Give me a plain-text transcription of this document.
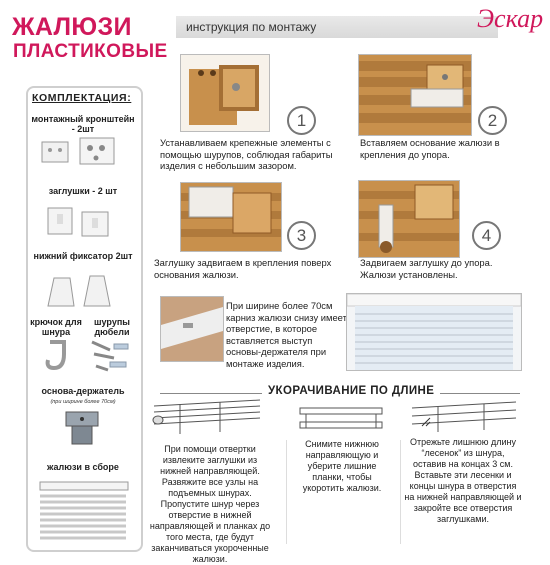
ЖАЛЮЗИ
ПЛАСТИКОВЫЕ
инструкция по монтажу	Эскар
КОМПЛЕКТАЦИЯ:
монтажный кронштейн - 2шт
заглушки - 2 шт
нижний фиксатор 2шт
крючок для шнура
шурупы дюбели
основа-держатель
(при ширине более 70см)
жалюзи в сборе
1
Устанавливаем крепежные элементы с помощью шурупов, соблюдая габариты изделия с небольшим зазором.
2
Вставляем основание жалюзи в крепления до упора.
3
Заглушку задвигаем в крепления поверх основания жалюзи.
4
Задвигаем заглушку до упора. Жалюзи установлены.
При ширине более 70см карниз жалюзи снизу имеет отверстие, в которое вставляется выступ основы-держателя при монтаже изделия.
УКОРАЧИВАНИЕ ПО ДЛИНЕ
При помощи отвертки извлеките заглушки из нижней направляющей. Развяжите все узлы на подъемных шнурах. Пропустите шнур через отверстие в нижней направляющей и планках до того места, где будут заканчиваться укороченные жалюзи.
Снимите нижнюю направляющую и уберите лишние планки, чтобы укоротить жалюзи.
Отрежьте лишнюю длину “лесенок” из шнура, оставив на концах 3 см. Вставьте эти лесенки и концы шнура в отверстия на нижней направляющей и закройте все отверстия заглушками.
